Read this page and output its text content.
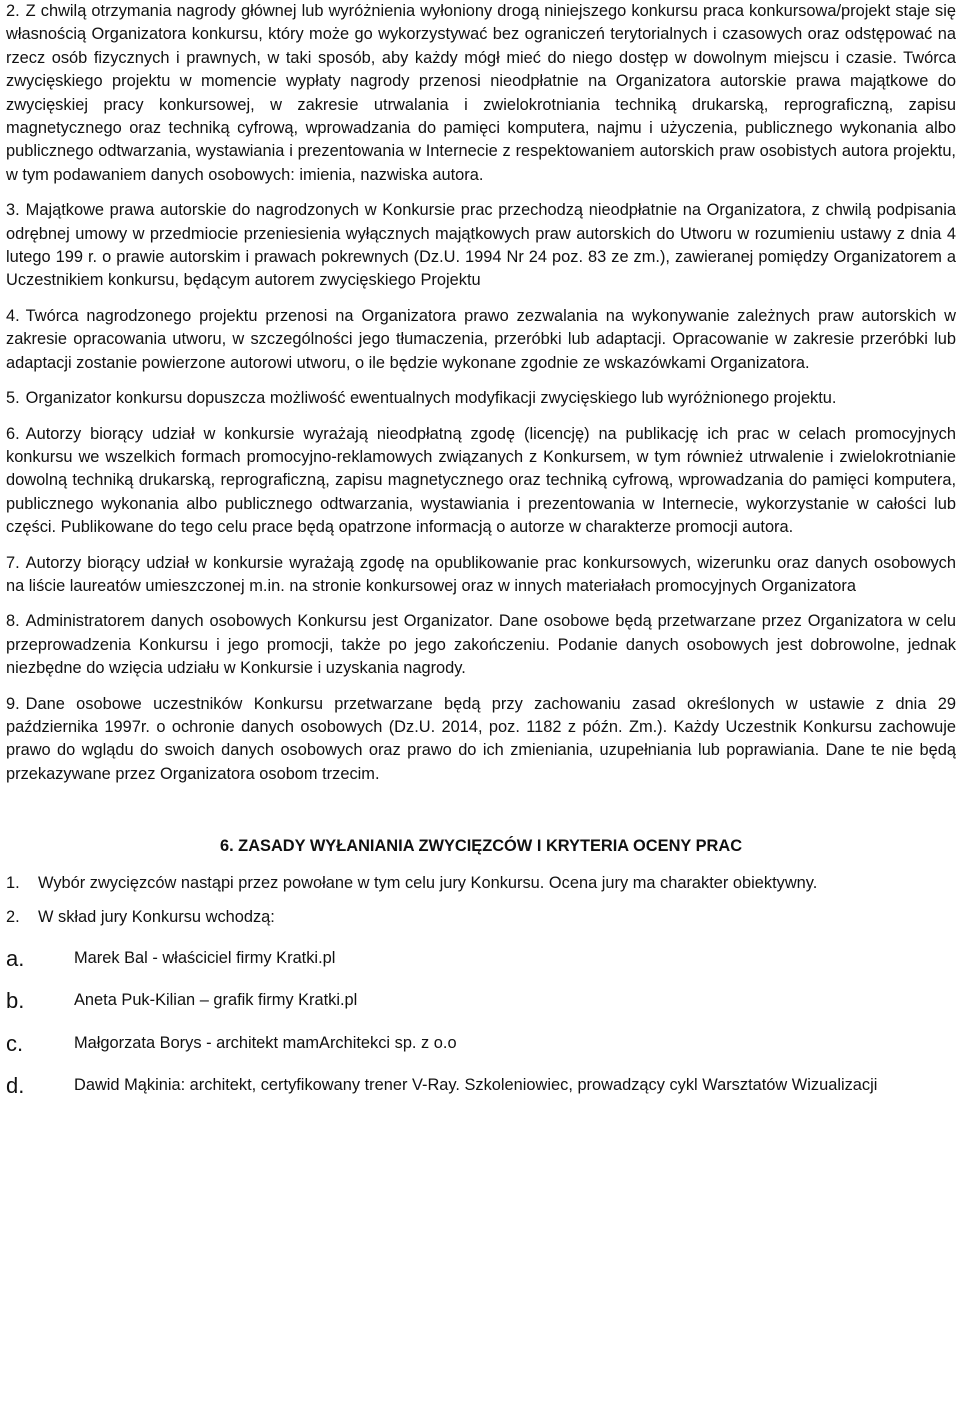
2. Z chwilą otrzymania nagrody głównej lub wyróżnienia wyłoniony drogą niniejszego konkursu praca konkursowa/projekt staje się własnością Organizatora konkursu, który może go wykorzystywać bez ograniczeń terytorialnych i czasowych oraz odstępować na rzecz osób fizycznych i prawnych, w taki sposób, aby każdy mógł mieć do niego dostęp w dowolnym miejscu i czasie. Twórca zwycięskiego projektu w momencie wypłaty nagrody przenosi nieodpłatnie na Organizatora autorskie prawa majątkowe do zwycięskiej pracy konkursowej, w zakresie utrwalania i zwielokrotniania techniką drukarską, reprograficzną, zapisu magnetycznego oraz techniką cyfrową, wprowadzania do pamięci komputera, najmu i użyczenia, publicznego wykonania albo publicznego odtwarzania, wystawiania i prezentowania w Internecie z respektowaniem autorskich praw osobistych autora projektu, w tym podawaniem danych osobowych: imienia, nazwiska autora.

3. Majątkowe prawa autorskie do nagrodzonych w Konkursie prac przechodzą nieodpłatnie na Organizatora, z chwilą podpisania odrębnej umowy w przedmiocie przeniesienia wyłącznych majątkowych praw autorskich do Utworu w rozumieniu ustawy z dnia 4 lutego 199 r. o prawie autorskim i prawach pokrewnych (Dz.U. 1994 Nr 24 poz. 83 ze zm.), zawieranej pomiędzy Organizatorem a Uczestnikiem konkursu, będącym autorem zwycięskiego Projektu

4. Twórca nagrodzonego projektu przenosi na Organizatora prawo zezwalania na wykonywanie zależnych praw autorskich w zakresie opracowania utworu, w szczególności jego tłumaczenia, przeróbki lub adaptacji. Opracowanie w zakresie przeróbki lub adaptacji zostanie powierzone autorowi utworu, o ile będzie wykonane zgodnie ze wskazówkami Organizatora.

5. Organizator konkursu dopuszcza możliwość ewentualnych modyfikacji zwycięskiego lub wyróżnionego projektu.

6. Autorzy biorący udział w konkursie wyrażają nieodpłatną zgodę (licencję) na publikację ich prac w celach promocyjnych konkursu we wszelkich formach promocyjno-reklamowych związanych z Konkursem, w tym również utrwalenie i zwielokrotnianie dowolną techniką drukarską, reprograficzną, zapisu magnetycznego oraz techniką cyfrową, wprowadzania do pamięci komputera, publicznego wykonania albo publicznego odtwarzania, wystawiania i prezentowania w Internecie, wykorzystanie w całości lub części. Publikowane do tego celu prace będą opatrzone informacją o autorze w charakterze promocji autora.

7. Autorzy biorący udział w konkursie wyrażają zgodę na opublikowanie prac konkursowych, wizerunku oraz danych osobowych na liście laureatów umieszczonej m.in. na stronie konkursowej oraz w innych materiałach promocyjnych Organizatora

8. Administratorem danych osobowych Konkursu jest Organizator. Dane osobowe będą przetwarzane przez Organizatora w celu przeprowadzenia Konkursu i jego promocji, także po jego zakończeniu. Podanie danych osobowych jest dobrowolne, jednak niezbędne do wzięcia udziału w Konkursie i uzyskania nagrody.

9. Dane osobowe uczestników Konkursu przetwarzane będą przy zachowaniu zasad określonych w ustawie z dnia 29 października 1997r. o ochronie danych osobowych (Dz.U. 2014, poz. 1182 z późn. Zm.). Każdy Uczestnik Konkursu zachowuje prawo do wglądu do swoich danych osobowych oraz prawo do ich zmieniania, uzupełniania lub poprawiania. Dane te nie będą przekazywane przez Organizatora osobom trzecim.

6. ZASADY WYŁANIANIA ZWYCIĘZCÓW I KRYTERIA OCENY PRAC
1.	Wybór zwycięzców nastąpi przez powołane w tym celu jury Konkursu. Ocena jury ma charakter obiektywny.
2.	W skład jury Konkursu wchodzą:
a.	Marek Bal - właściciel firmy Kratki.pl
b.	Aneta Puk-Kilian – grafik firmy Kratki.pl
c.	Małgorzata Borys - architekt mamArchitekci sp. z o.o
d.	Dawid Mąkinia: architekt, certyfikowany trener V-Ray. Szkoleniowiec, prowadzący cykl Warsztatów Wizualizacji
